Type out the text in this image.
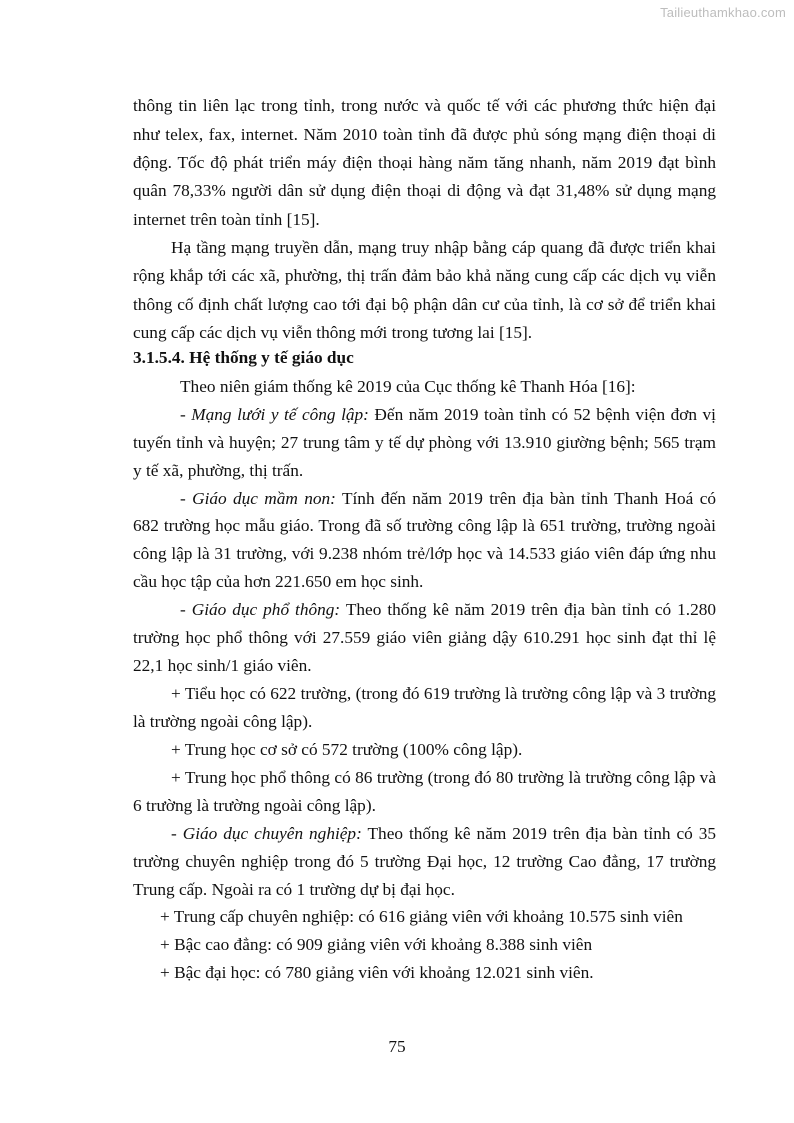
Tailieuthamkhao.com
thông tin liên lạc trong tỉnh, trong nước và quốc tế với các phương thức hiện đại
như telex, fax, internet. Năm 2010 toàn tỉnh đã được phủ sóng mạng điện thoại di
động. Tốc độ phát triển máy điện thoại hàng năm tăng nhanh, năm 2019 đạt bình
quân 78,33% người dân sử dụng điện thoại di động và đạt 31,48% sử dụng mạng
internet trên toàn tỉnh [15].
Hạ tầng mạng truyền dẫn, mạng truy nhập bằng cáp quang đã được triển khai
rộng khắp tới các xã, phường, thị trấn đảm bảo khả năng cung cấp các dịch vụ viễn
thông cố định chất lượng cao tới đại bộ phận dân cư của tỉnh, là cơ sở để triển khai
cung cấp các dịch vụ viễn thông mới trong tương lai [15].
3.1.5.4. Hệ thống y tế giáo dục
Theo niên giám thống kê 2019 của Cục thống kê Thanh Hóa [16]:
- Mạng lưới y tế công lập: Đến năm 2019 toàn tỉnh có 52 bệnh viện đơn vị
tuyến tỉnh và huyện; 27 trung tâm y tế dự phòng với 13.910 giường bệnh; 565 trạm
y tế xã, phường, thị trấn.
- Giáo dục mầm non: Tính đến năm 2019 trên địa bàn tỉnh Thanh Hoá có
682 trường học mẫu giáo. Trong đã số trường công lập là 651 trường, trường ngoài
công lập là 31 trường, với 9.238 nhóm trẻ/lớp học và 14.533 giáo viên đáp ứng nhu
cầu học tập của hơn 221.650 em học sinh.
- Giáo dục phổ thông: Theo thống kê năm 2019 trên địa bàn tỉnh có 1.280
trường học phổ thông với 27.559 giáo viên giảng dậy 610.291 học sinh đạt thỉ lệ
22,1 học sinh/1 giáo viên.
+ Tiểu học có 622 trường, (trong đó 619 trường là trường công lập và 3 trường
là trường ngoài công lập).
+ Trung học cơ sở có 572 trường (100% công lập).
+ Trung học phổ thông có 86 trường (trong đó 80 trường là trường công lập và
6 trường là trường ngoài công lập).
- Giáo dục chuyên nghiệp: Theo thống kê năm 2019 trên địa bàn tỉnh có 35
trường chuyên nghiệp trong đó 5 trường Đại học, 12 trường Cao đẳng, 17 trường
Trung cấp. Ngoài ra có 1 trường dự bị đại học.
+ Trung cấp chuyên nghiệp: có 616 giảng viên với khoảng 10.575 sinh viên
+ Bậc cao đẳng: có 909 giảng viên với khoảng 8.388 sinh viên
+ Bậc đại học: có 780 giảng viên với khoảng 12.021 sinh viên.
75
